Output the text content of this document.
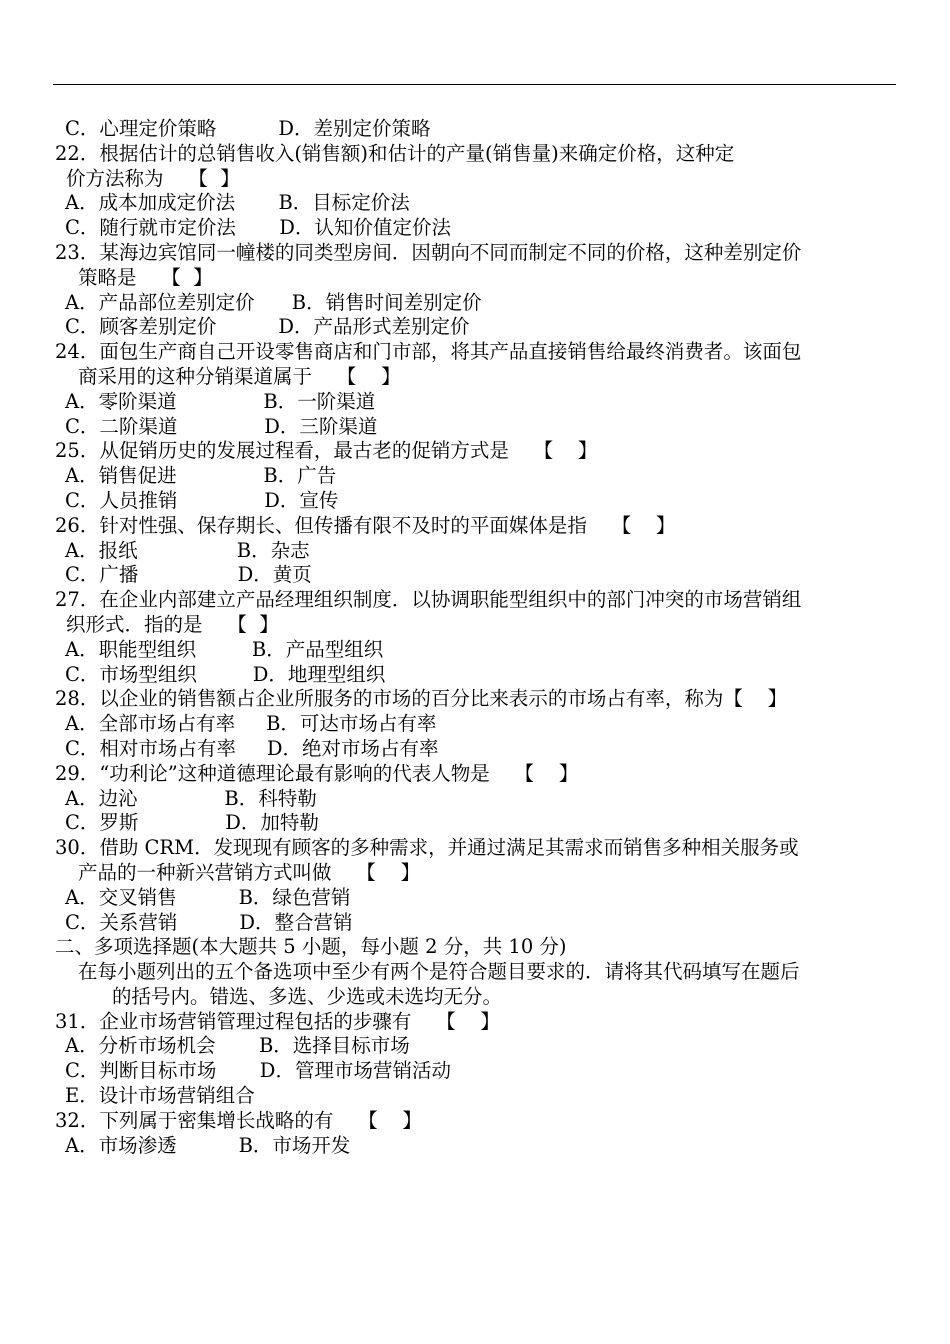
C．心理定价策略          D．差别定价策略
22．根据估计的总销售收入(销售额)和估计的产量(销售量)来确定价格，这种定
价方法称为    【  】
A．成本加成定价法       B．目标定价法
C．随行就市定价法       D．认知价值定价法
23．某海边宾馆同一幢楼的同类型房间．因朝向不同而制定不同的价格，这种差别定价
策略是    【  】
A．产品部位差别定价      B．销售时间差别定价
C．顾客差别定价          D．产品形式差别定价
24．面包生产商自己开设零售商店和门市部，将其产品直接销售给最终消费者。该面包
商采用的这种分销渠道属于    【    】
A．零阶渠道              B．一阶渠道
C．二阶渠道              D．三阶渠道
25．从促销历史的发展过程看，最古老的促销方式是    【    】
A．销售促进              B．广告
C．人员推销              D．宣传
26．针对性强、保存期长、但传播有限不及时的平面媒体是指    【    】
A．报纸                B．杂志
C．广播                D．黄页
27．在企业内部建立产品经理组织制度．以协调职能型组织中的部门冲突的市场营销组
织形式．指的是    【  】
A．职能型组织         B．产品型组织
C．市场型组织         D．地理型组织
28．以企业的销售额占企业所服务的市场的百分比来表示的市场占有率，称为【    】
A．全部市场占有率     B．可达市场占有率
C．相对市场占有率     D．绝对市场占有率
29．“功利论”这种道德理论最有影响的代表人物是    【    】
A．边沁              B．科特勒
C．罗斯              D．加特勒
30．借助 CRM．发现现有顾客的多种需求，并通过满足其需求而销售多种相关服务或
产品的一种新兴营销方式叫做    【    】
A．交叉销售          B．绿色营销
C．关系营销          D．整合营销
二、多项选择题(本大题共 5 小题，每小题 2 分，共 10 分)
在每小题列出的五个备选项中至少有两个是符合题目要求的．请将其代码填写在题后
的括号内。错选、多选、少选或未选均无分。
31．企业市场营销管理过程包括的步骤有    【    】
A．分析市场机会       B．选择目标市场
C．判断目标市场       D．管理市场营销活动
E．设计市场营销组合
32．下列属于密集增长战略的有    【    】
A．市场渗透          B．市场开发
